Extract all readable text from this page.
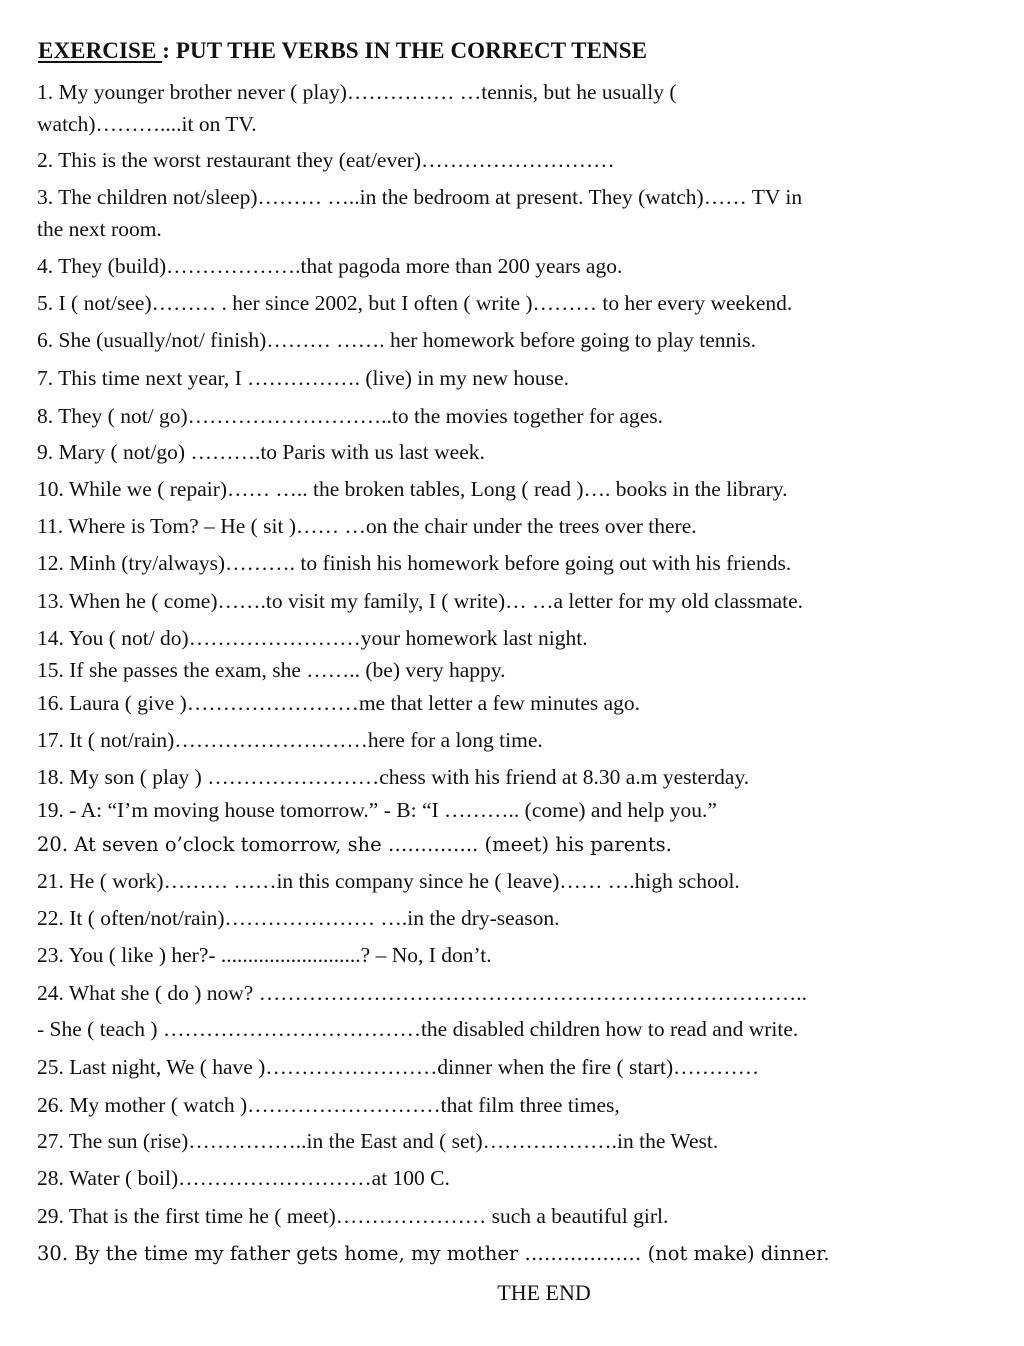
EXERCISE : PUT THE VERBS IN THE CORRECT TENSE
1. My younger brother never ( play)…………… …tennis, but he usually (
watch)………....it on TV.
2. This is the worst restaurant they (eat/ever)………………………
3. The children not/sleep)……… …..in the bedroom at present. They (watch)…… TV in
the next room.
4. They (build)……………….that pagoda more than 200 years ago.
5. I ( not/see)……… . her since 2002, but I often ( write )……… to her every weekend.
6. She (usually/not/ finish)……… ……. her homework before going to play tennis.
7. This time next year, I ……………. (live) in my new house.
8. They ( not/ go)………………………..to the movies together for ages.
9. Mary ( not/go) ……….to Paris with us last week.
10. While we ( repair)…… ….. the broken tables, Long ( read )…. books in the library.
11. Where is Tom? – He ( sit )…… …on the chair under the trees over there.
12. Minh (try/always)………. to finish his homework before going out with his friends.
13. When he ( come)…….to visit my family, I ( write)… …a letter for my old classmate.
14. You ( not/ do)……………………your homework last night.
15. If she passes the exam, she …….. (be) very happy.
16. Laura ( give )……………………me that letter a few minutes ago.
17. It ( not/rain)………………………here for a long time.
18. My son ( play ) ……………………chess with his friend at 8.30 a.m yesterday.
19. - A: “I’m moving house tomorrow.” - B: “I ……….. (come) and help you.”
20. At seven o’clock tomorrow, she ………….. (meet) his parents.
21. He ( work)……… ……in this company since he ( leave)…… ….high school.
22. It ( often/not/rain)………………… ….in the dry-season.
23. You ( like ) her?- ..........................? – No, I don’t.
24. What she ( do ) now? …………………………………………………………………..
- She ( teach ) ………………………………the disabled children how to read and write.
25. Last night, We ( have )……………………dinner when the fire ( start)…………
26. My mother ( watch )………………………that film three times,
27. The sun (rise)……………..in the East and ( set)……………….in the West.
28. Water ( boil)………………………at 100 C.
29. That is the first time he ( meet)………………… such a beautiful girl.
30. By the time my father gets home, my mother ……………… (not make) dinner.
THE END
